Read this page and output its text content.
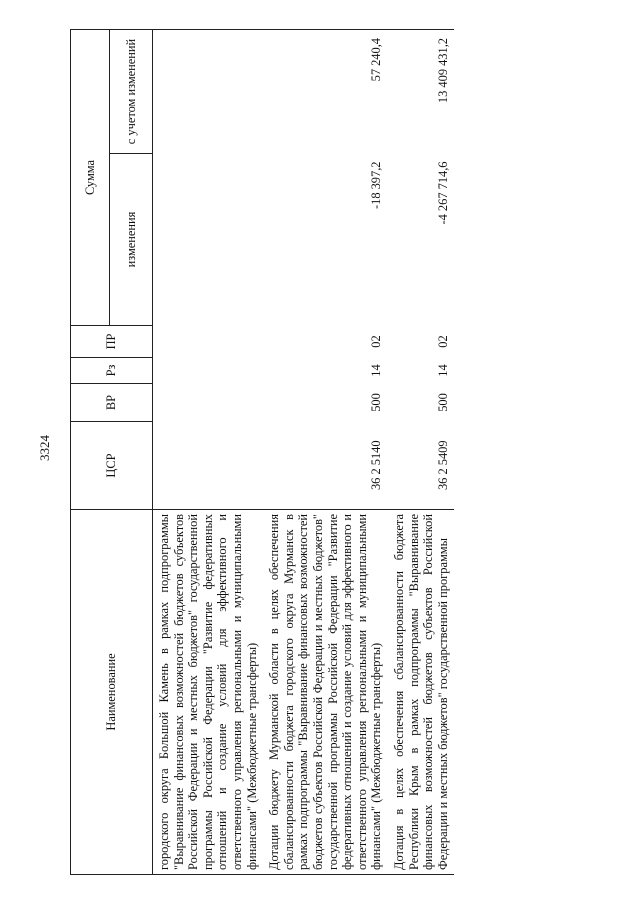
3324
Наименование	ЦСР	ВР	Рз	ПР	Сумма	
					изменения	с учетом изменений
городского округа Большой Камень в рамках подпрограммы "Выравнивание финансовых возможностей бюджетов субъектов Российской Федерации и местных бюджетов" государственной программы Российской Федерации "Развитие федеративных отношений и создание условий для эффективного и ответственного управления региональными и муниципальными финансами" (Межбюджетные трансферты)						
Дотации бюджету Мурманской области в целях обеспечения сбалансированности бюджета городского округа Мурманск в рамках подпрограммы "Выравнивание финансовых возможностей бюджетов субъектов Российской Федерации и местных бюджетов" государственной программы Российской Федерации "Развитие федеративных отношений и создание условий для эффективного и ответственного управления региональными и муниципальными финансами" (Межбюджетные трансферты)	36 2 5140	500	14	02	-18 397,2	57 240,4
Дотация в целях обеспечения сбалансированности бюджета Республики Крым в рамках подпрограммы "Выравнивание финансовых возможностей бюджетов субъектов Российской Федерации и местных бюджетов" государственной программы	36 2 5409	500	14	02	-4 267 714,6	13 409 431,2
